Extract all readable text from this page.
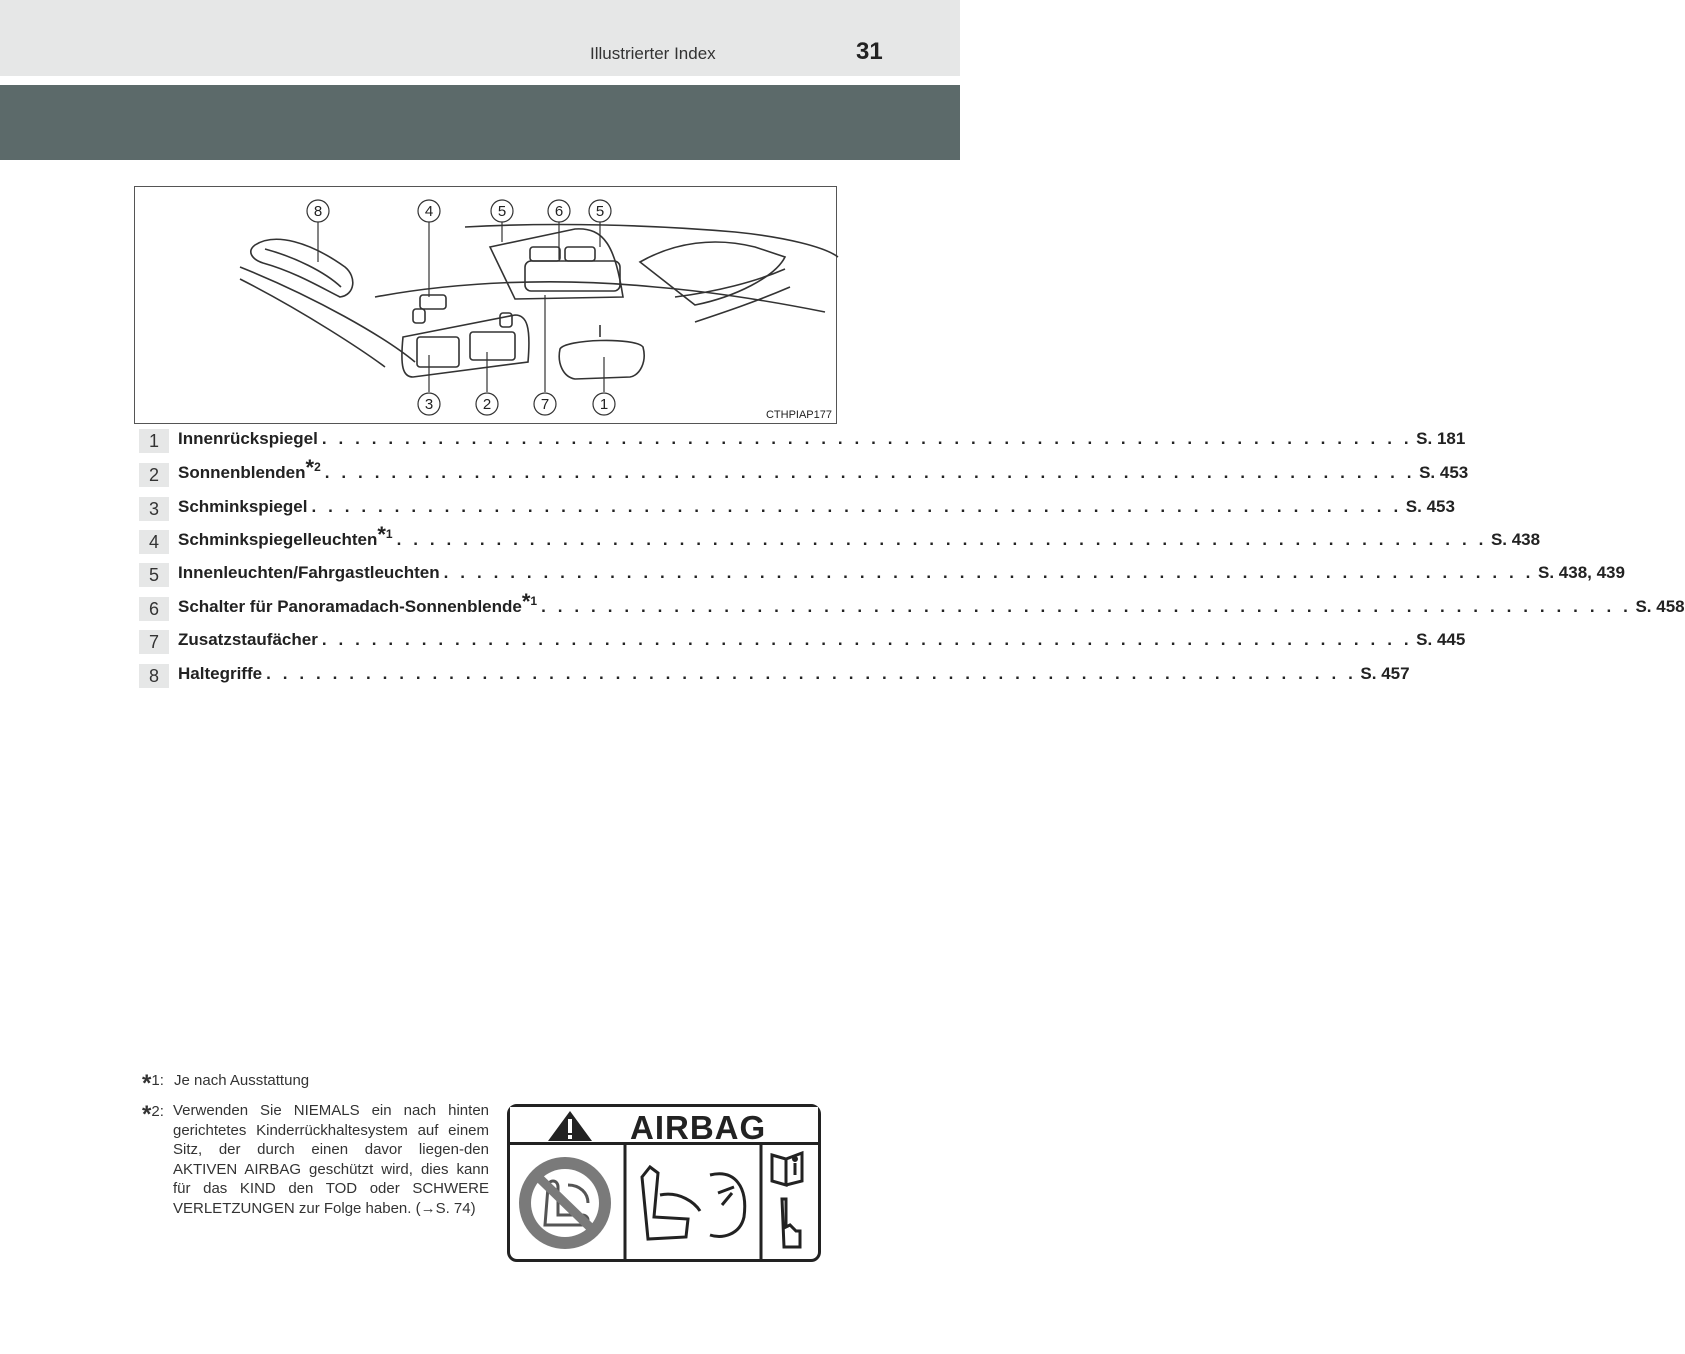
Illustrierter Index	31
8	4	5	6 5
3	2	7	1
CTHPIAP177
1	Innenrückspiegel . . . . . . . . . . . . . . . . . . . . . . . . . . . . . . . . . . . . . . . . . . . . . . . . . . . . . . . . . . . . . . . . . . S. 181
2	Sonnenblenden$^{*2}$ . . . . . . . . . . . . . . . . . . . . . . . . . . . . . . . . . . . . . . . . . . . . . . . . . . . . . . . . . . . . . . . . . . S. 453
3	Schminkspiegel . . . . . . . . . . . . . . . . . . . . . . . . . . . . . . . . . . . . . . . . . . . . . . . . . . . . . . . . . . . . . . . . . . S. 453
4	Schminkspiegelleuchten$^{*1}$ . . . . . . . . . . . . . . . . . . . . . . . . . . . . . . . . . . . . . . . . . . . . . . . . . . . . . . . . . . . . . . . . . . S. 438
5	Innenleuchten/Fahrgastleuchten . . . . . . . . . . . . . . . . . . . . . . . . . . . . . . . . . . . . . . . . . . . . . . . . . . . . . . . . . . . . . . . . . . S. 438, 439
6	Schalter für Panoramadach-Sonnenblende$^{*1}$ . . . . . . . . . . . . . . . . . . . . . . . . . . . . . . . . . . . . . . . . . . . . . . . . . . . . . . . . . . . . . . . . . . S. 458
7	Zusatzstaufächer . . . . . . . . . . . . . . . . . . . . . . . . . . . . . . . . . . . . . . . . . . . . . . . . . . . . . . . . . . . . . . . . . . S. 445
8	Haltegriffe . . . . . . . . . . . . . . . . . . . . . . . . . . . . . . . . . . . . . . . . . . . . . . . . . . . . . . . . . . . . . . . . . . S. 457
*1: Je nach Ausstattung
*2: Verwenden Sie NIEMALS ein nach hinten gerichtetes Kinderrückhaltesystem auf einem Sitz, der durch einen davor liegen-den AKTIVEN AIRBAG geschützt wird, dies kann für das KIND den TOD oder SCHWERE VERLETZUNGEN zur Folge haben. (→S. 74)
AIRBAG
